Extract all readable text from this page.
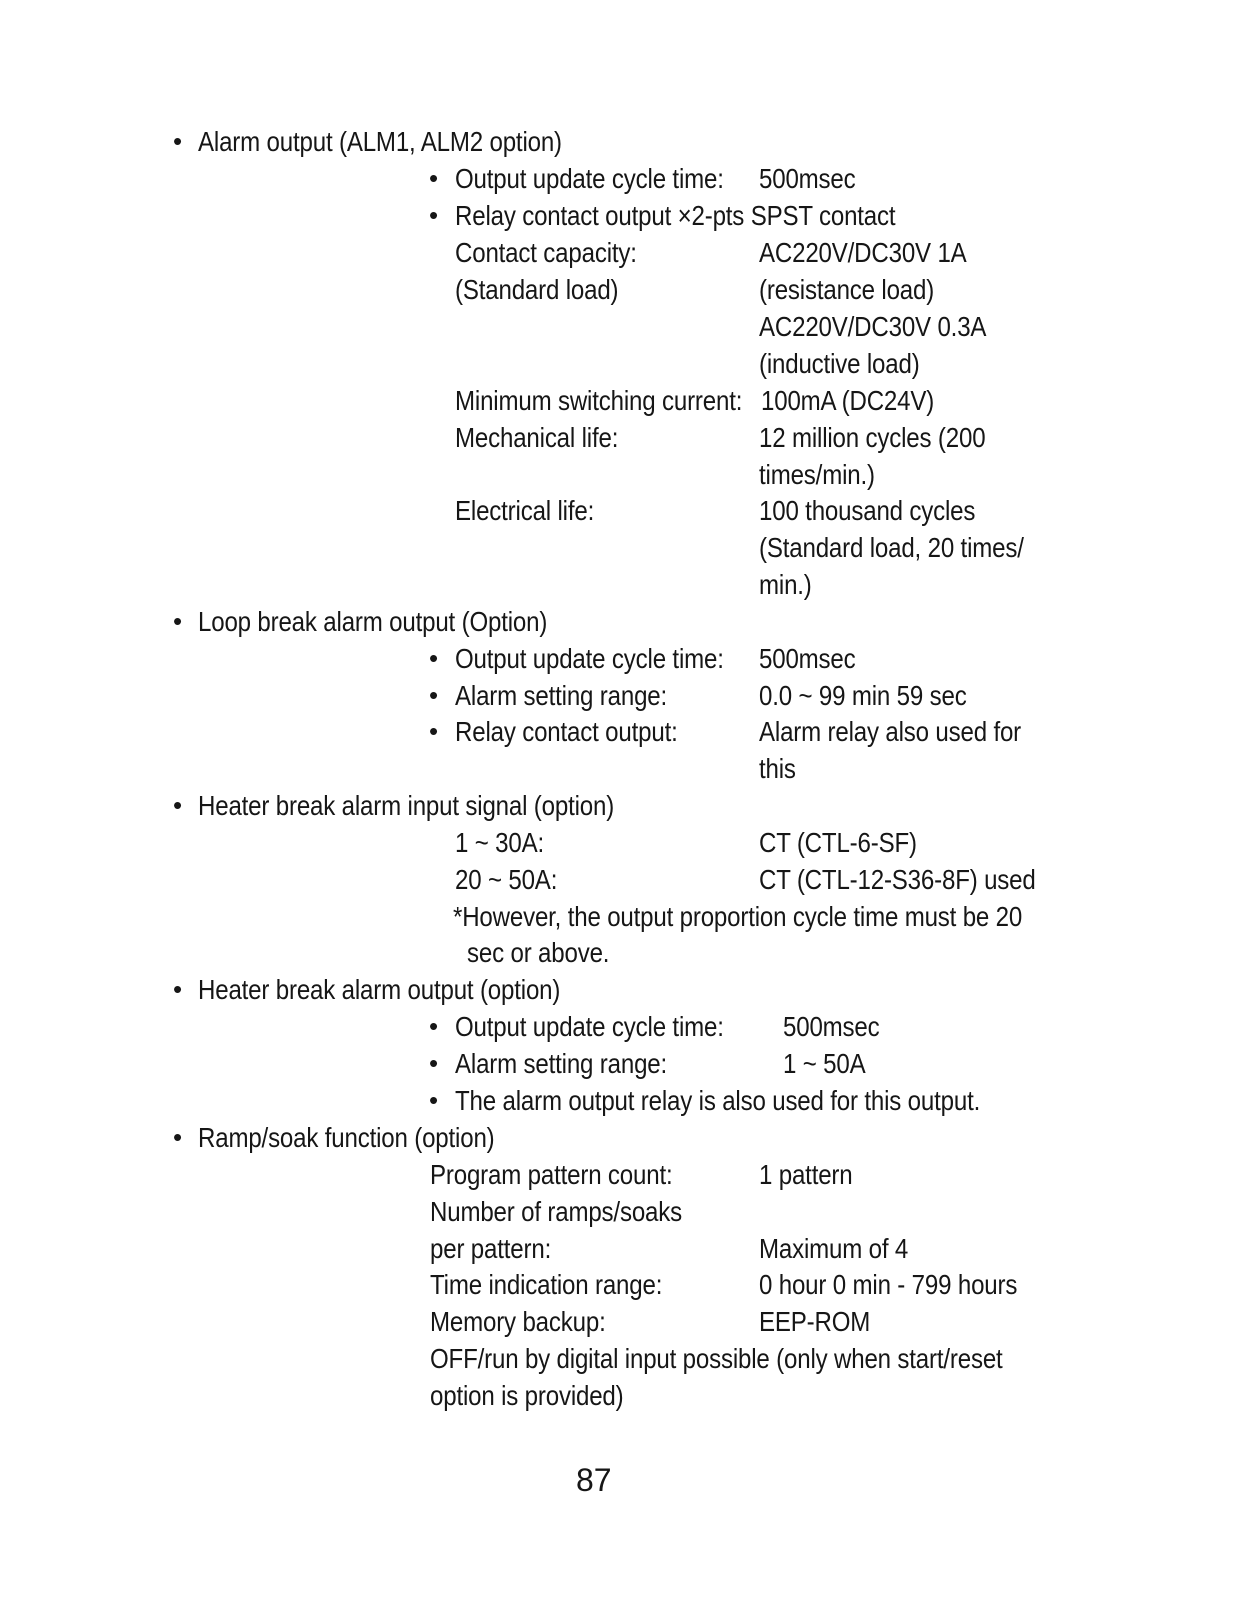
• Alarm output (ALM1, ALM2 option)
• Output update cycle time: 500msec
• Relay contact output ×2-pts SPST contact
Contact capacity:	AC220V/DC30V 1A
(Standard load)	(resistance load)
AC220V/DC30V 0.3A
(inductive load)
Minimum switching current: 100mA (DC24V)
Mechanical life:	12 million cycles (200
times/min.)
Electrical life:	100 thousand cycles
(Standard load, 20 times/
min.)
• Loop break alarm output (Option)
• Output update cycle time: 500msec
• Alarm setting range:	0.0 ~ 99 min 59 sec
• Relay contact output:	Alarm relay also used for
this
• Heater break alarm input signal (option)
1 ~ 30A:	CT (CTL-6-SF)
20 ~ 50A:	CT (CTL-12-S36-8F) used
*However, the output proportion cycle time must be 20
sec or above.
• Heater break alarm output (option)
• Output update cycle time: 500msec
• Alarm setting range:	1 ~ 50A
• The alarm output relay is also used for this output.
• Ramp/soak function (option)
Program pattern count:	1 pattern
Number of ramps/soaks
per pattern:	Maximum of 4
Time indication range:	0 hour 0 min - 799 hours
Memory backup:	EEP-ROM
OFF/run by digital input possible (only when start/reset
option is provided)
87
